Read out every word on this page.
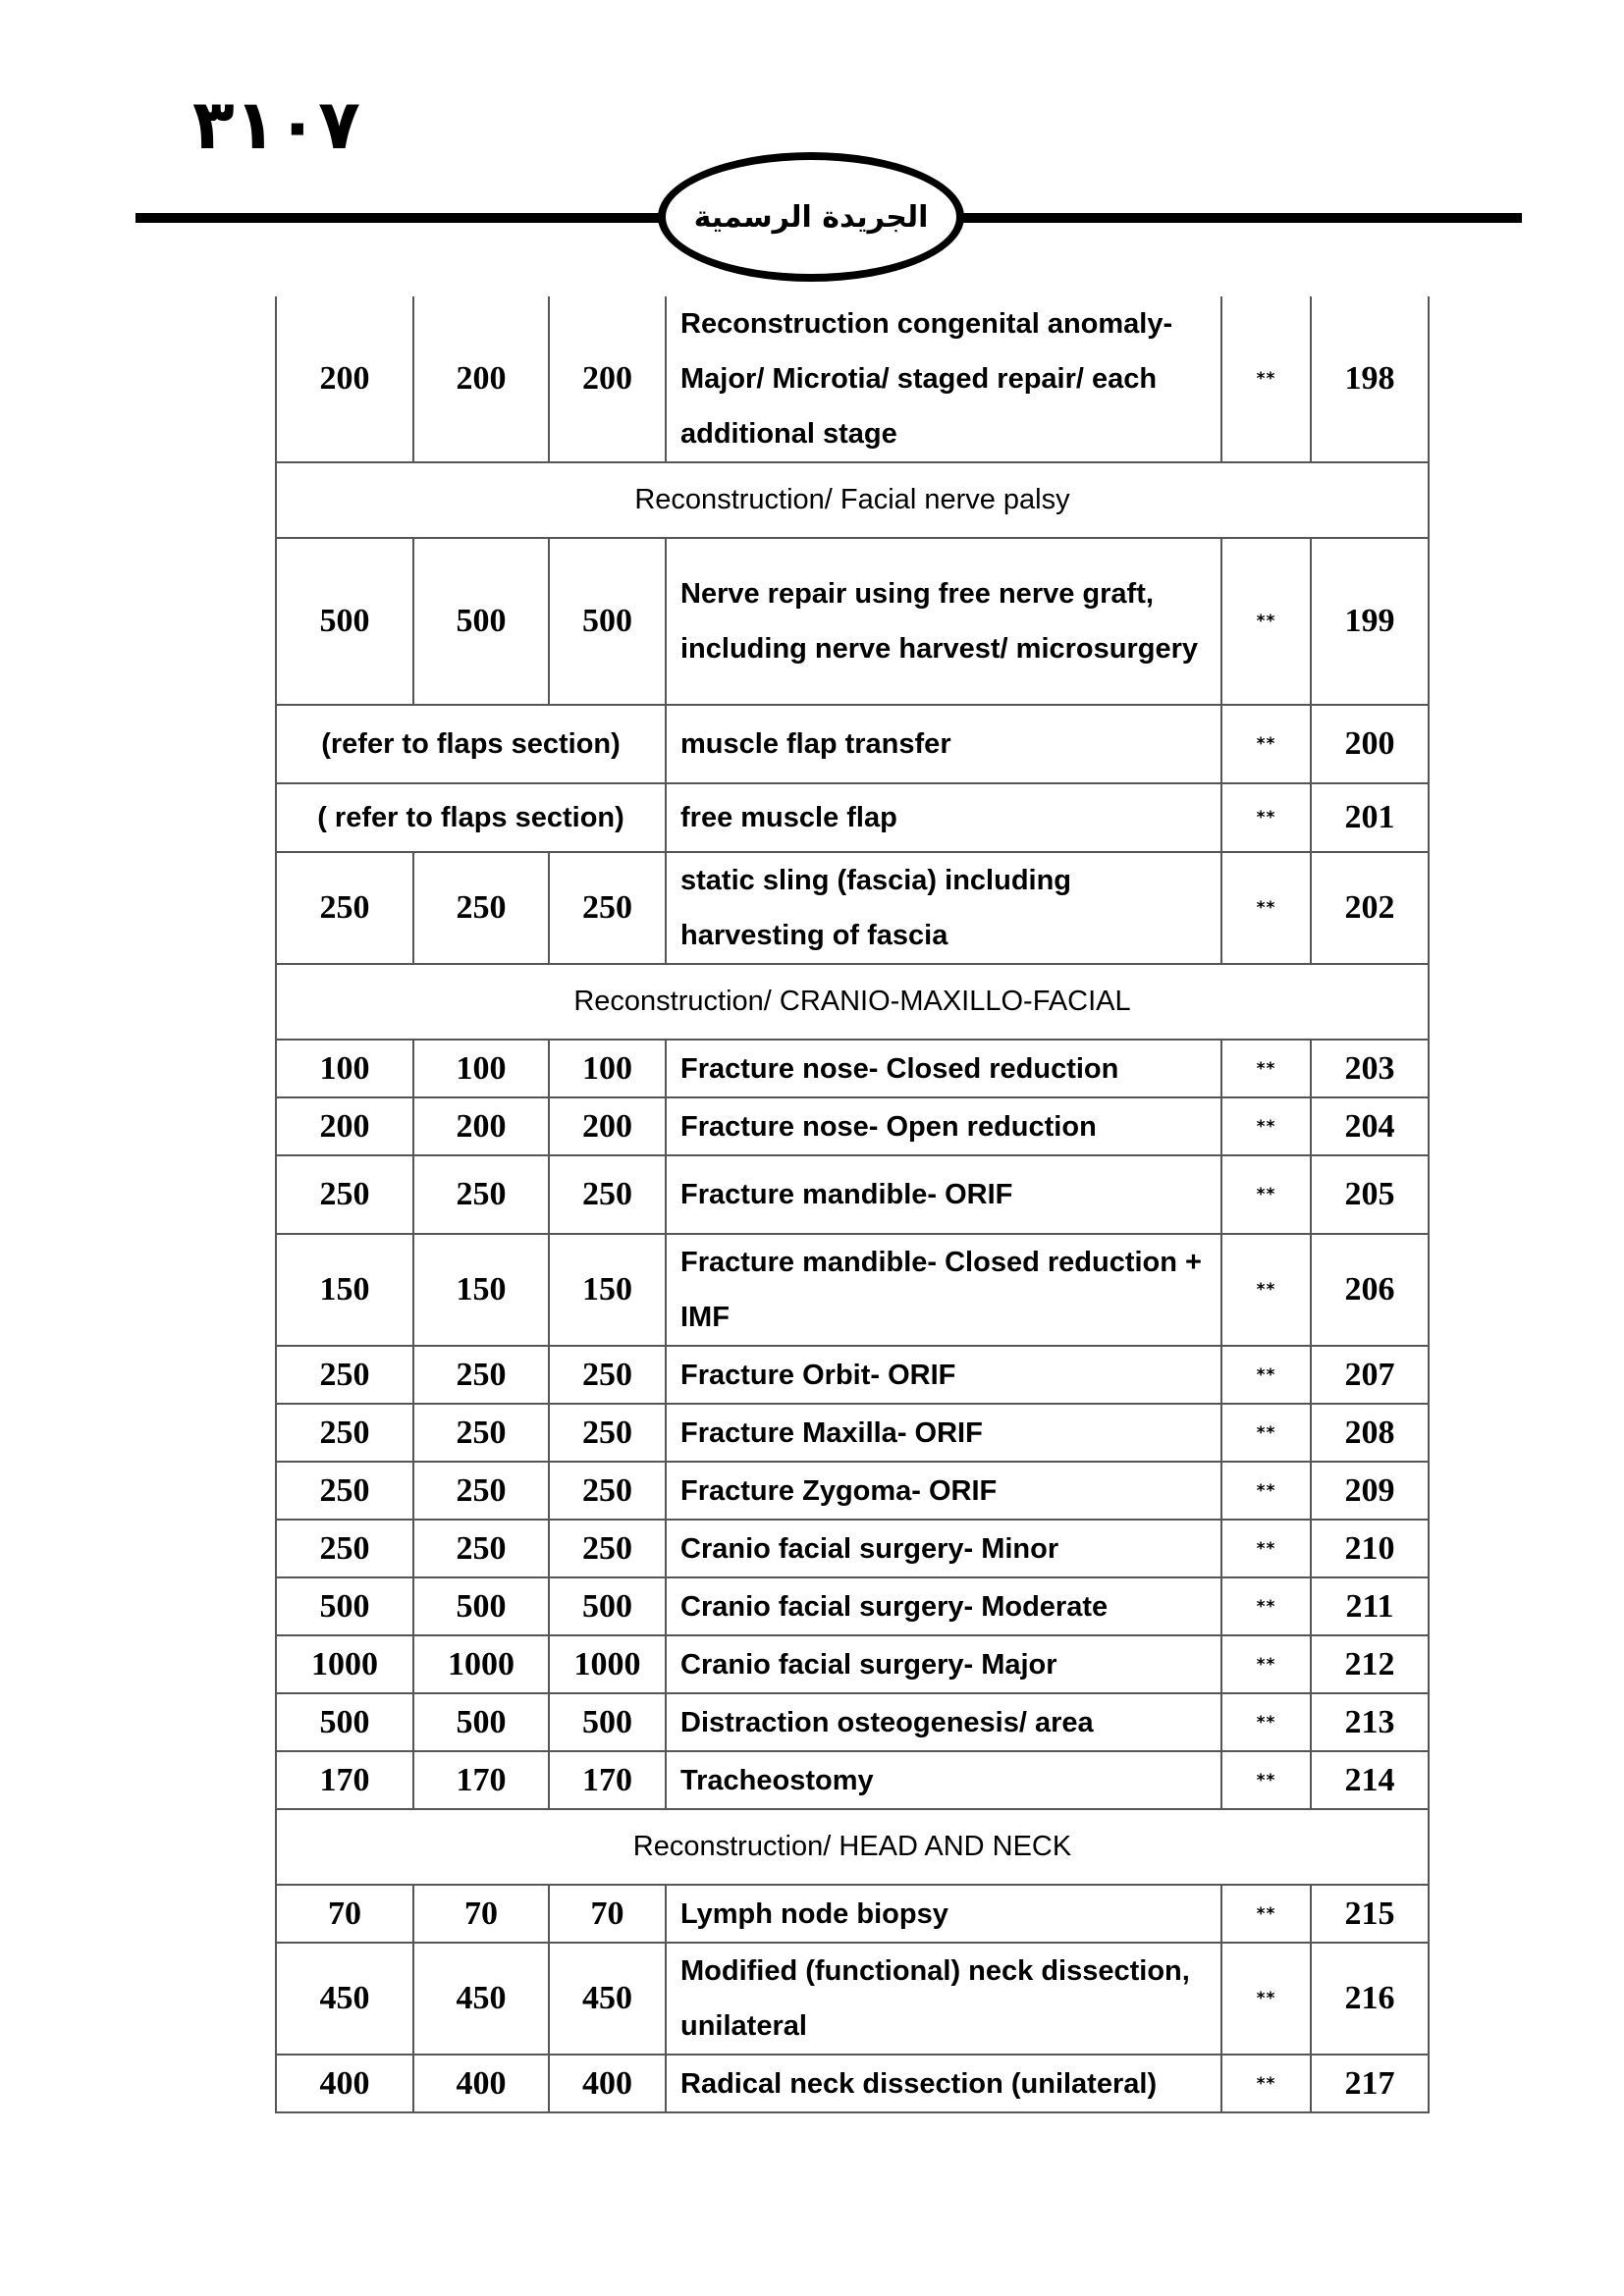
٣١٠٧
الجريدة الرسمية
200	200	200	Reconstruction congenital anomaly- Major/ Microtia/ staged repair/ each additional stage	**	198
Reconstruction/ Facial nerve palsy					
500	500	500	Nerve repair using free nerve graft, including nerve harvest/ microsurgery	**	199
(refer to flaps section)			muscle flap transfer	**	200
( refer to flaps section)			free muscle flap	**	201
250	250	250	static sling (fascia) including harvesting of fascia	**	202
Reconstruction/ CRANIO-MAXILLO-FACIAL					
100	100	100	Fracture nose- Closed reduction	**	203
200	200	200	Fracture nose- Open reduction	**	204
250	250	250	Fracture mandible- ORIF	**	205
150	150	150	Fracture mandible- Closed reduction + IMF	**	206
250	250	250	Fracture Orbit- ORIF	**	207
250	250	250	Fracture Maxilla- ORIF	**	208
250	250	250	Fracture Zygoma- ORIF	**	209
250	250	250	Cranio facial surgery- Minor	**	210
500	500	500	Cranio facial surgery- Moderate	**	211
1000	1000	1000	Cranio facial surgery- Major	**	212
500	500	500	Distraction osteogenesis/ area	**	213
170	170	170	Tracheostomy	**	214
Reconstruction/ HEAD AND NECK					
70	70	70	Lymph node biopsy	**	215
450	450	450	Modified (functional) neck dissection, unilateral	**	216
400	400	400	Radical neck dissection (unilateral)	**	217
